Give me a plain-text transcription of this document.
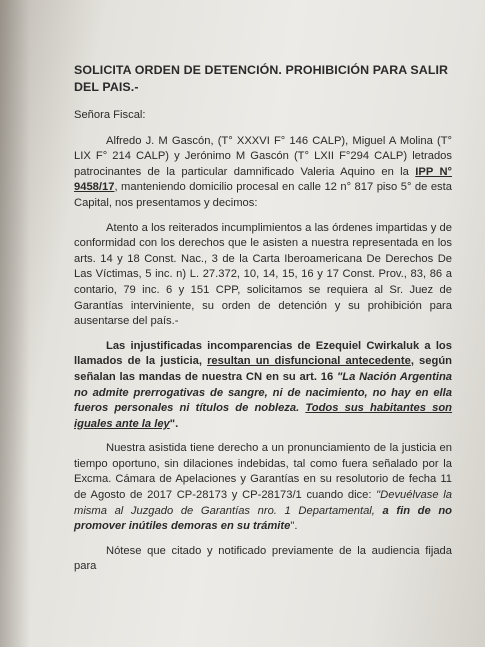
SOLICITA ORDEN DE DETENCIÓN. PROHIBICIÓN PARA SALIR DEL PAIS.-
Señora Fiscal:

Alfredo J. M Gascón, (T° XXXVI F° 146 CALP), Miguel A Molina (T° LIX F° 214 CALP) y Jerónimo M Gascón (T° LXII F°294 CALP) letrados patrocinantes de la particular damnificado Valeria Aquino en la IPP N° 9458/17, manteniendo domicilio procesal en calle 12 n° 817 piso 5° de esta Capital, nos presentamos y decimos:

Atento a los reiterados incumplimientos a las órdenes impartidas y de conformidad con los derechos que le asisten a nuestra representada en los arts. 14 y 18 Const. Nac., 3 de la Carta Iberoamericana De Derechos De Las Víctimas, 5 inc. n) L. 27.372, 10, 14, 15, 16 y 17 Const. Prov., 83, 86 a contario, 79 inc. 6 y 151 CPP, solicitamos se requiera al Sr. Juez de Garantías interviniente, su orden de detención y su prohibición para ausentarse del país.-

Las injustificadas incomparencias de Ezequiel Cwirkaluk a los llamados de la justicia, resultan un disfuncional antecedente, según señalan las mandas de nuestra CN en su art. 16 "La Nación Argentina no admite prerrogativas de sangre, ni de nacimiento, no hay en ella fueros personales ni títulos de nobleza. Todos sus habitantes son iguales ante la ley".

Nuestra asistida tiene derecho a un pronunciamiento de la justicia en tiempo oportuno, sin dilaciones indebidas, tal como fuera señalado por la Excma. Cámara de Apelaciones y Garantías en su resolutorio de fecha 11 de Agosto de 2017 CP-28173 y CP-28173/1 cuando dice: "Devuélvase la misma al Juzgado de Garantías nro. 1 Departamental, a fin de no promover inútiles demoras en su trámite".

Nótese que citado y notificado previamente de la audiencia fijada para
